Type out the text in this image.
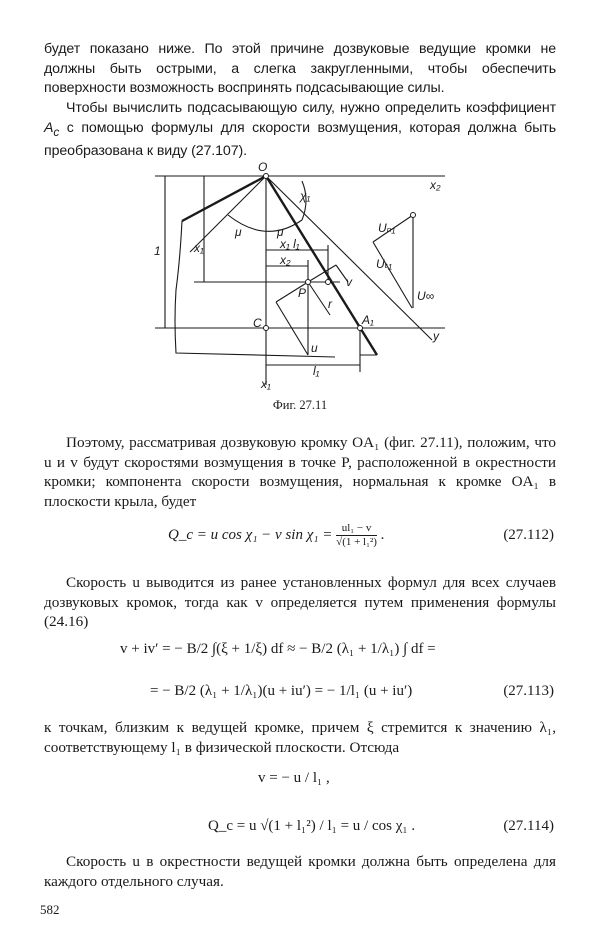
будет показано ниже. По этой причине дозвуковые ведущие кромки не должны быть острыми, а слегка закругленными, чтобы обеспечить поверхности возможность воспринять подсасывающие силы.
Чтобы вычислить подсасывающую силу, нужно определить коэффициент $A_c$ с помощью формулы для скорости возмущения, которая должна быть преобразована к виду (27.107).
O
x₂
χ₁
μ	μ
x₁
1	x₁ l₁
x₂
P
v
r
C	A₁
y
u
l₁
x₁
Uₙ₁
Uₜ₁
U∞
Фиг. 27.11
Поэтому, рассматривая дозвуковую кромку OA₁ (фиг. 27.11), положим, что u и v будут скоростями возмущения в точке P, расположенной в окрестности кромки; компонента скорости возмущения, нормальная к кромке OA₁ в плоскости крыла, будет
Q_c = u cos χ₁ − v $\sin \chi_1 = \frac{\text{ul₁ − v}}{\text{√(1 + l₁²)}}$ .	(27.112)
Скорость u выводится из ранее установленных формул для всех случаев дозвуковых кромок, тогда как v определяется путем применения формулы (24.16)
v + iv′ = − B/2 ∫(ξ + 1/ξ) df ≈ − B/2 (λ₁ + 1/λ₁) ∫ df =
= − B/2 (λ₁ + 1/λ₁)(u + iu′) = − 1/l₁ (u + iu′)	(27.113)
к точкам, близким к ведущей кромке, причем ξ стремится к значению λ₁, соответствующему l₁ в физической плоскости. Отсюда
v = − u / l₁ ,
Q_c = u √(1 + l₁²) / l₁ = u / cos χ₁ .	(27.114)
Скорость u в окрестности ведущей кромки должна быть определена для каждого отдельного случая.
582
